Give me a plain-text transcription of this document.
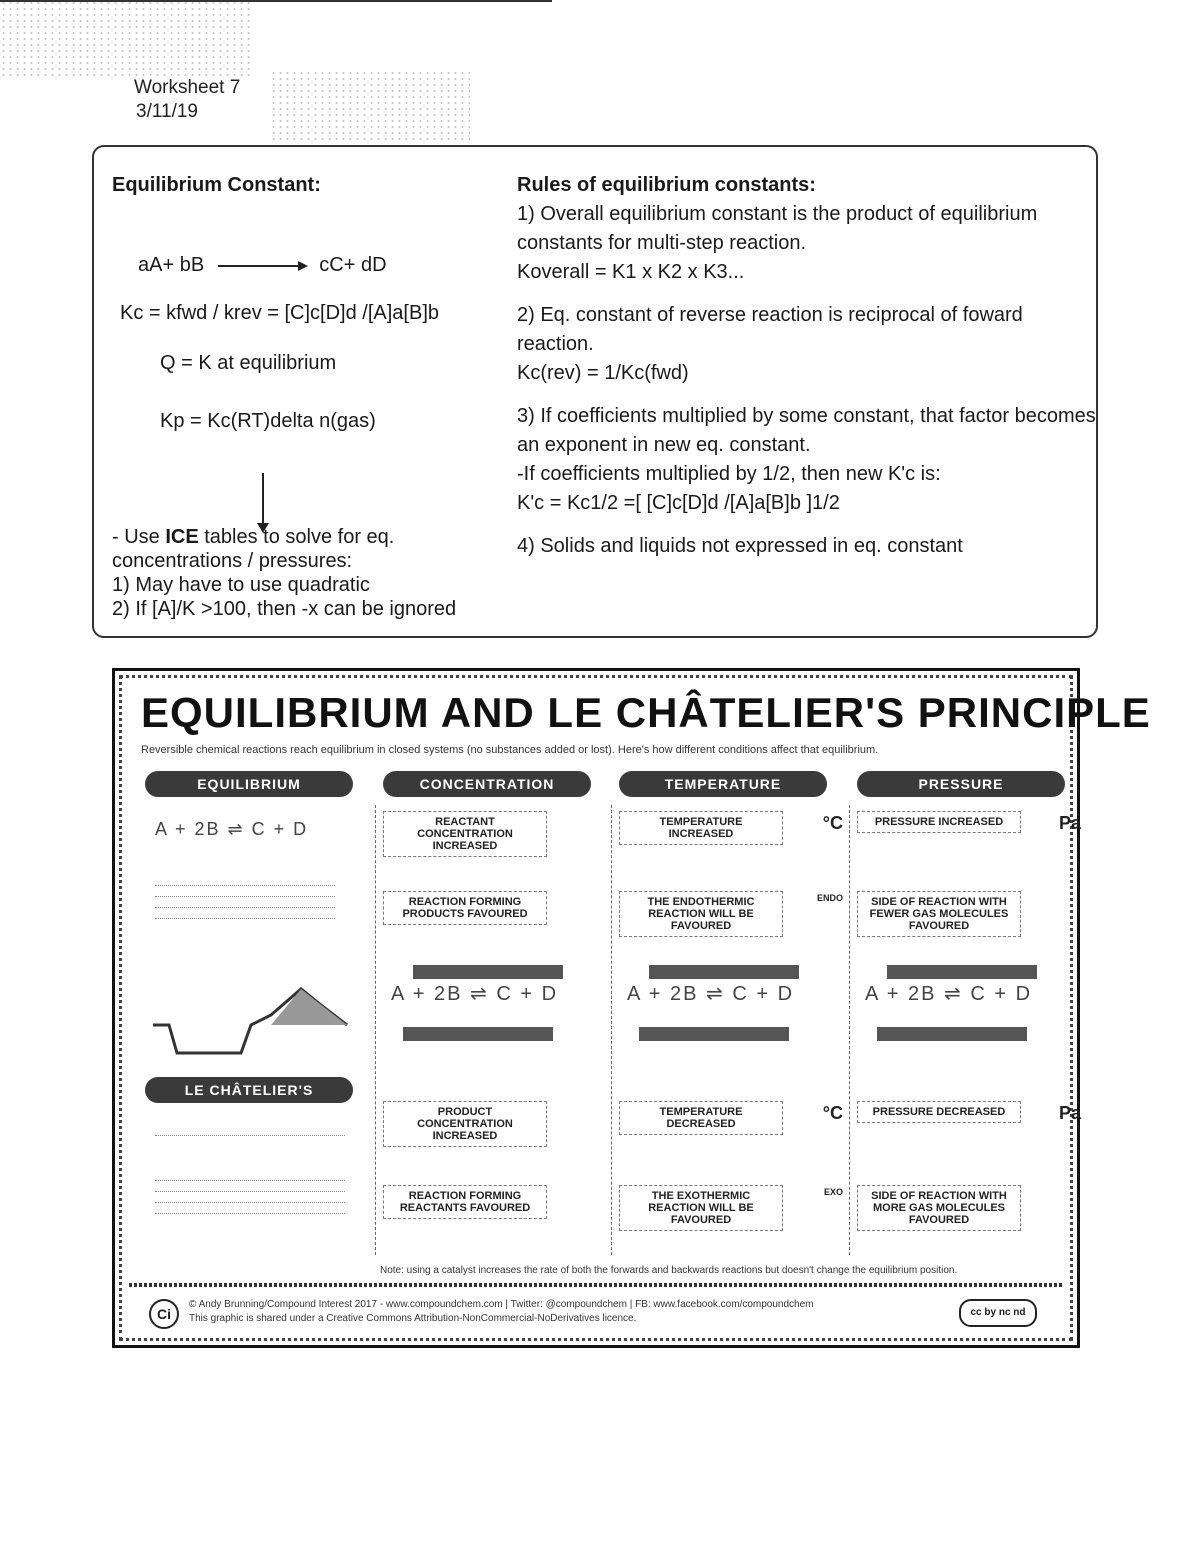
Worksheet 7
3/11/19
Equilibrium Constant:
aA+ bB	cC+ dD
Kc = kfwd / krev = [C]c[D]d /[A]a[B]b
Q = K at equilibrium
Kp = Kc(RT)delta n(gas)
- Use ICE tables to solve for eq. concentrations / pressures:
1) May have to use quadratic
2) If [A]/K >100, then -x can be ignored
Rules of equilibrium constants:
1) Overall equilibrium constant is the product of equilibrium constants for multi-step reaction.
Koverall = K1 x K2 x K3...
2) Eq. constant of reverse reaction is reciprocal of foward reaction.
Kc(rev) = 1/Kc(fwd)
3) If coefficients multiplied by some constant, that factor becomes an exponent in new eq. constant.
-If coefficients multiplied by 1/2, then new K'c is:
K'c = Kc1/2 =[ [C]c[D]d /[A]a[B]b ]1/2
4) Solids and liquids not expressed in eq. constant
EQUILIBRIUM AND LE CHÂTELIER'S PRINCIPLE
Reversible chemical reactions reach equilibrium in closed systems (no substances added or lost). Here's how different conditions affect that equilibrium.
EQUILIBRIUM	CONCENTRATION	TEMPERATURE	PRESSURE
A + 2B ⇌ C + D
LE CHÂTELIER'S PRINCIPLE
REACTANT CONCENTRATION INCREASED
REACTION FORMING PRODUCTS FAVOURED
A + 2B ⇌ C + D
PRODUCT CONCENTRATION INCREASED
REACTION FORMING REACTANTS FAVOURED
TEMPERATURE INCREASED
°C
THE ENDOTHERMIC REACTION WILL BE FAVOURED
ENDO
A + 2B ⇌ C + D
TEMPERATURE DECREASED
°C
THE EXOTHERMIC REACTION WILL BE FAVOURED
EXO
PRESSURE INCREASED	Pa
SIDE OF REACTION WITH FEWER GAS MOLECULES FAVOURED
A + 2B ⇌ C + D
PRESSURE DECREASED	Pa
SIDE OF REACTION WITH MORE GAS MOLECULES FAVOURED
Note: using a catalyst increases the rate of both the forwards and backwards reactions but doesn't change the equilibrium position.
Ci
© Andy Brunning/Compound Interest 2017 - www.compoundchem.com | Twitter: @compoundchem | FB: www.facebook.com/compoundchem
This graphic is shared under a Creative Commons Attribution-NonCommercial-NoDerivatives licence.
cc by nc nd
